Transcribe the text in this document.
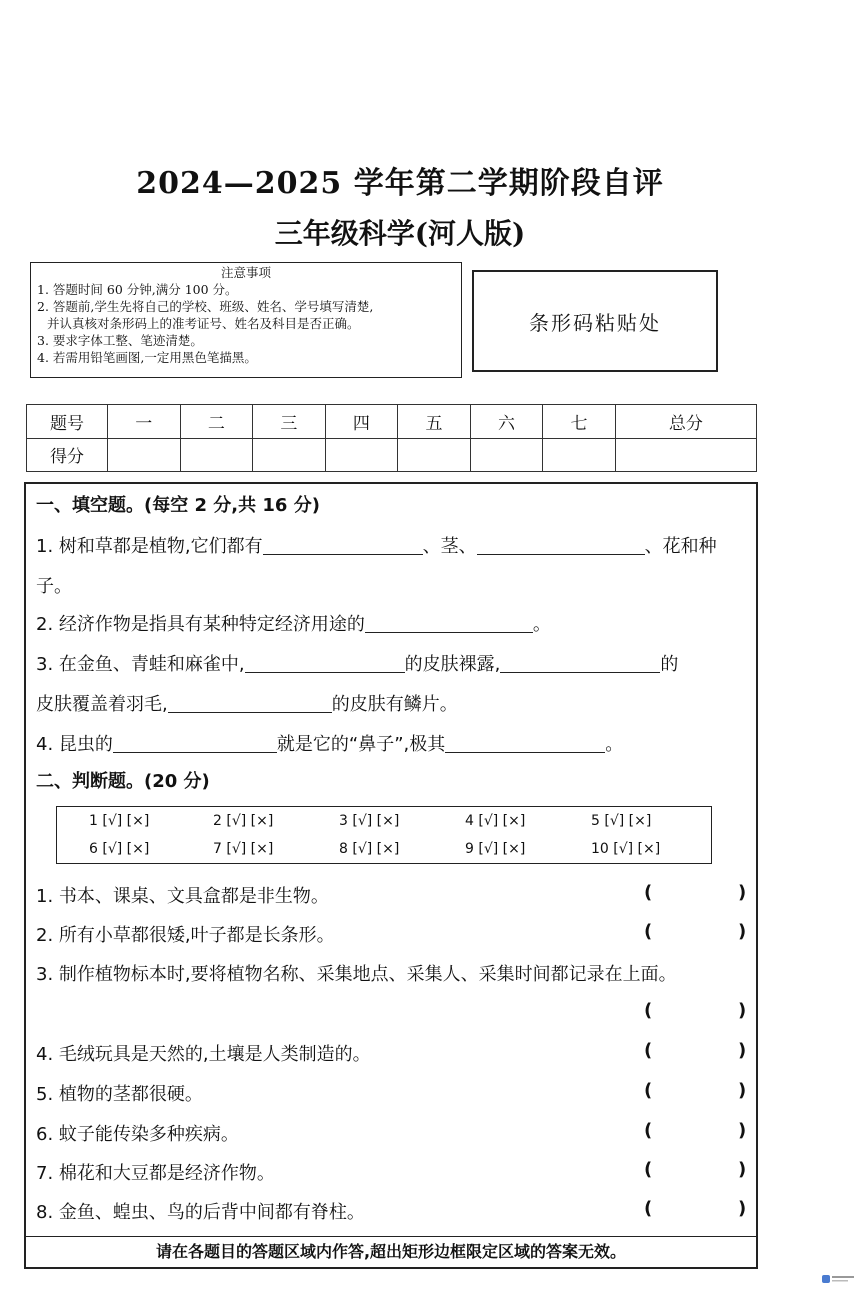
2024—2025 学年第二学期阶段自评
三年级科学(河人版)
注意事项
1. 答题时间 60 分钟,满分 100 分。
2. 答题前,学生先将自己的学校、班级、姓名、学号填写清楚,
并认真核对条形码上的准考证号、姓名及科目是否正确。
3. 要求字体工整、笔迹清楚。
4. 若需用铅笔画图,一定用黑色笔描黑。
条形码粘贴处
题号	一	二	三	四	五	六	七	总分
得分								
一、填空题。(每空 2 分,共 16 分)
1. 树和草都是植物,它们都有	、茎、	、花和种
子。
2. 经济作物是指具有某种特定经济用途的	。
3. 在金鱼、青蛙和麻雀中,	的皮肤裸露,	的
皮肤覆盖着羽毛,	的皮肤有鳞片。
4. 昆虫的	就是它的“鼻子”,极其	。
二、判断题。(20 分)
1 [√] [×]	2 [√] [×]	3 [√] [×]	4 [√] [×]	5 [√] [×]
6 [√] [×]	7 [√] [×]	8 [√] [×]	9 [√] [×]	10 [√] [×]
1. 书本、课桌、文具盒都是非生物。	(	)
2. 所有小草都很矮,叶子都是长条形。	(	)
3. 制作植物标本时,要将植物名称、采集地点、采集人、采集时间都记录在上面。
(	)
4. 毛绒玩具是天然的,土壤是人类制造的。	(	)
5. 植物的茎都很硬。	(	)
6. 蚊子能传染多种疾病。	(	)
7. 棉花和大豆都是经济作物。	(	)
8. 金鱼、蝗虫、鸟的后背中间都有脊柱。	(	)
请在各题目的答题区域内作答,超出矩形边框限定区域的答案无效。
